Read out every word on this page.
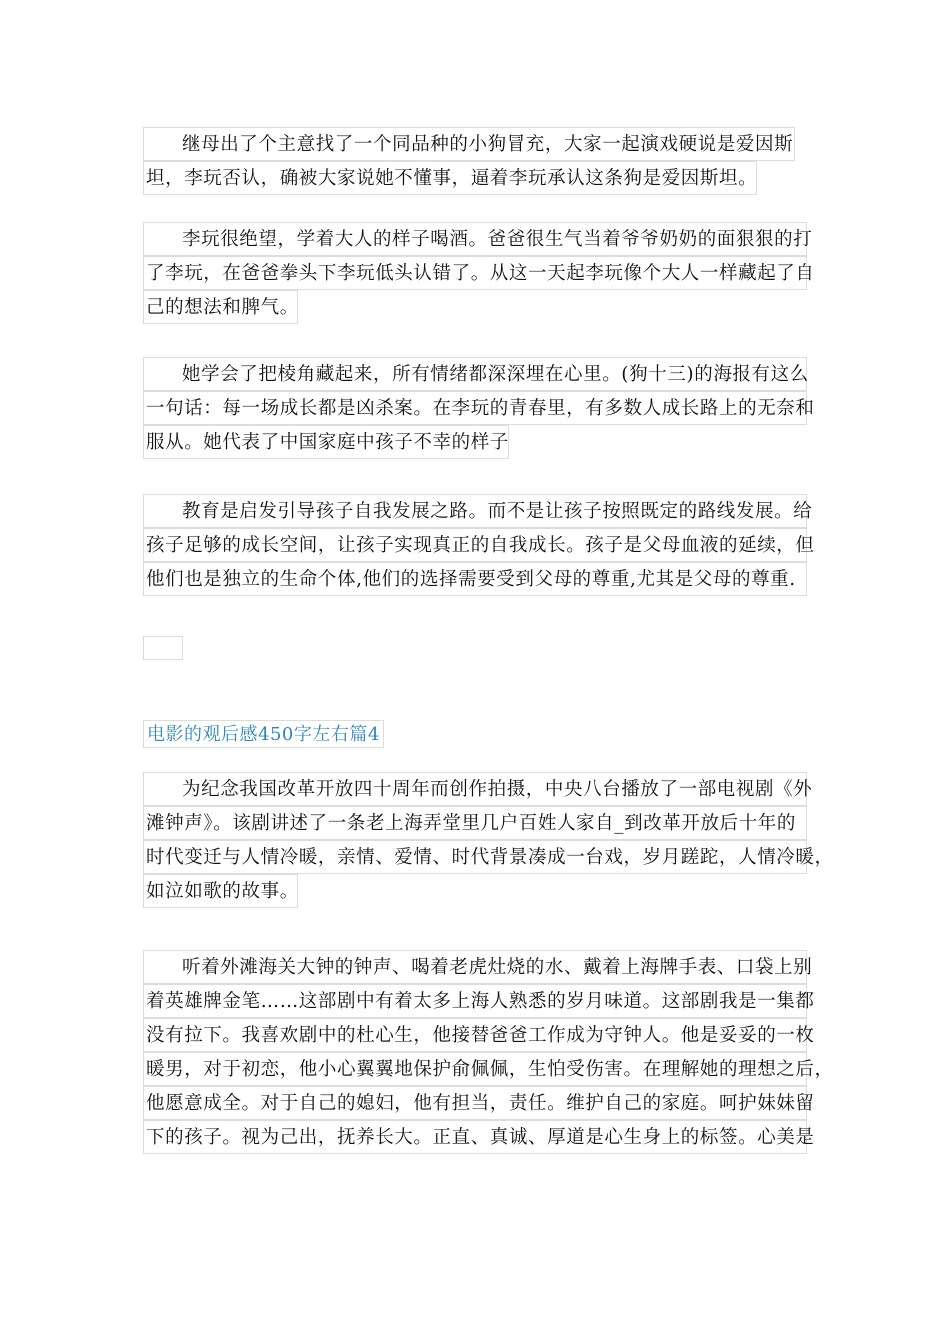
继母出了个主意找了一个同品种的小狗冒充，大家一起演戏硬说是爱因斯
坦，李玩否认，确被大家说她不懂事，逼着李玩承认这条狗是爱因斯坦。
李玩很绝望，学着大人的样子喝酒。爸爸很生气当着爷爷奶奶的面狠狠的打
了李玩，在爸爸拳头下李玩低头认错了。从这一天起李玩像个大人一样藏起了自
己的想法和脾气。
她学会了把棱角藏起来，所有情绪都深深埋在心里。(狗十三)的海报有这么
一句话：每一场成长都是凶杀案。在李玩的青春里，有多数人成长路上的无奈和
服从。她代表了中国家庭中孩子不幸的样子
教育是启发引导孩子自我发展之路。而不是让孩子按照既定的路线发展。给
孩子足够的成长空间，让孩子实现真正的自我成长。孩子是父母血液的延续，但
他们也是独立的生命个体,他们的选择需要受到父母的尊重,尤其是父母的尊重.
电影的观后感450字左右篇4
为纪念我国改革开放四十周年而创作拍摄，中央八台播放了一部电视剧《外
滩钟声》。该剧讲述了一条老上海弄堂里几户百姓人家自_到改革开放后十年的
时代变迁与人情冷暖，亲情、爱情、时代背景凑成一台戏，岁月蹉跎，人情冷暖，
如泣如歌的故事。
听着外滩海关大钟的钟声、喝着老虎灶烧的水、戴着上海牌手表、口袋上别
着英雄牌金笔……这部剧中有着太多上海人熟悉的岁月味道。这部剧我是一集都
没有拉下。我喜欢剧中的杜心生，他接替爸爸工作成为守钟人。他是妥妥的一枚
暖男，对于初恋，他小心翼翼地保护俞佩佩，生怕受伤害。在理解她的理想之后，
他愿意成全。对于自己的媳妇，他有担当，责任。维护自己的家庭。呵护妹妹留
下的孩子。视为己出，抚养长大。正直、真诚、厚道是心生身上的标签。心美是
